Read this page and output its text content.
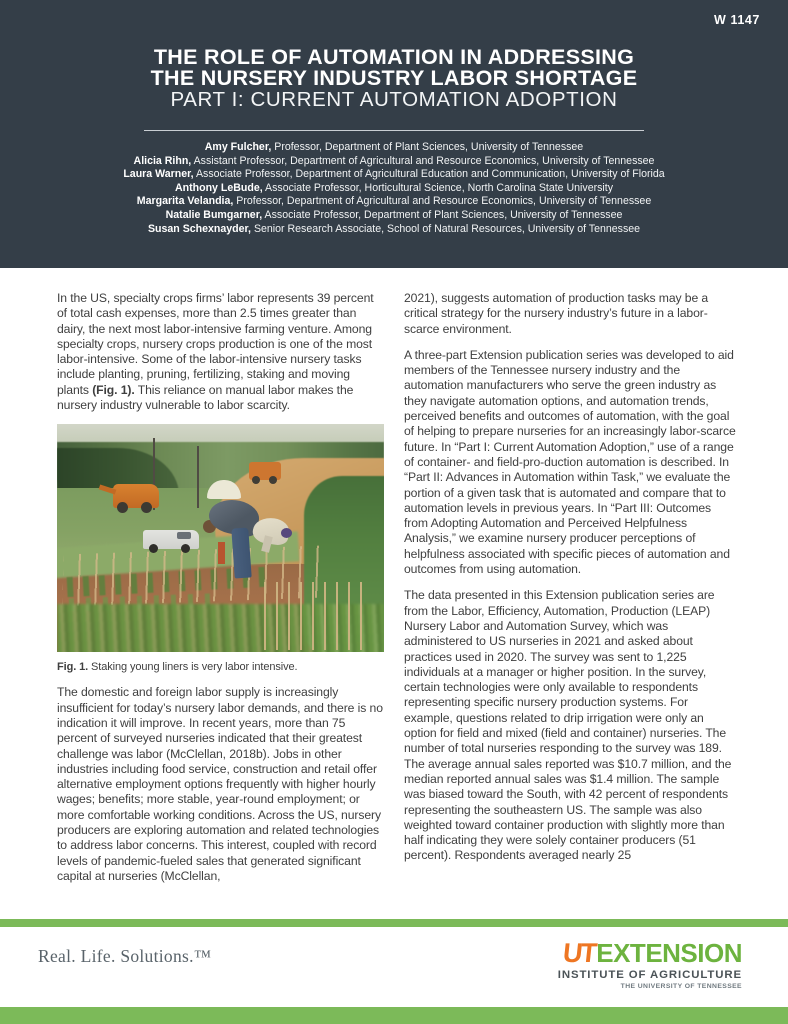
W 1147
THE ROLE OF AUTOMATION IN ADDRESSING
THE NURSERY INDUSTRY LABOR SHORTAGE
PART I: CURRENT AUTOMATION ADOPTION
Amy Fulcher, Professor, Department of Plant Sciences, University of Tennessee
Alicia Rihn, Assistant Professor, Department of Agricultural and Resource Economics, University of Tennessee
Laura Warner, Associate Professor, Department of Agricultural Education and Communication, University of Florida
Anthony LeBude, Associate Professor, Horticultural Science, North Carolina State University
Margarita Velandia, Professor, Department of Agricultural and Resource Economics, University of Tennessee
Natalie Bumgarner, Associate Professor, Department of Plant Sciences, University of Tennessee
Susan Schexnayder, Senior Research Associate, School of Natural Resources, University of Tennessee

In the US, specialty crops firms’ labor represents 39 percent of total cash expenses, more than 2.5 times greater than dairy, the next most labor-intensive farming venture. Among specialty crops, nursery crops production is one of the most labor-intensive. Some of the labor-intensive nursery tasks include planting, pruning, fertilizing, staking and moving plants (Fig. 1). This reliance on manual labor makes the nursery industry vulnerable to labor scarcity.

Fig. 1. Staking young liners is very labor intensive.

The domestic and foreign labor supply is increasingly insufficient for today’s nursery labor demands, and there is no indication it will improve. In recent years, more than 75 percent of surveyed nurseries indicated that their greatest challenge was labor (McClellan, 2018b). Jobs in other industries including food service, construction and retail offer alternative employment options frequently with higher hourly wages; benefits; more stable, year-round employment; or more comfortable working conditions. Across the US, nursery producers are exploring automation and related technologies to address labor concerns. This interest, coupled with record levels of pandemic-fueled sales that generated significant capital at nurseries (McClellan,

2021), suggests automation of production tasks may be a critical strategy for the nursery industry’s future in a labor-scarce environment.

A three-part Extension publication series was developed to aid members of the Tennessee nursery industry and the automation manufacturers who serve the green industry as they navigate automation options, and automation trends, perceived benefits and outcomes of automation, with the goal of helping to prepare nurseries for an increasingly labor-scarce future. In “Part I: Current Automation Adoption,” use of a range of container- and field-pro-duction automation is described. In “Part II: Advances in Automation within Task,” we evaluate the portion of a given task that is automated and compare that to automation levels in previous years. In “Part III: Outcomes from Adopting Automation and Perceived Helpfulness Analysis,” we examine nursery producer perceptions of helpfulness associated with specific pieces of automation and outcomes from using automation.

The data presented in this Extension publication series are from the Labor, Efficiency, Automation, Production (LEAP) Nursery Labor and Automation Survey, which was administered to US nurseries in 2021 and asked about practices used in 2020. The survey was sent to 1,225 individuals at a manager or higher position. In the survey, certain technologies were only available to respondents representing specific nursery production systems. For example, questions related to drip irrigation were only an option for field and mixed (field and container) nurseries. The number of total nurseries responding to the survey was 189. The average annual sales reported was $10.7 million, and the median reported annual sales was $1.4 million. The sample was biased toward the South, with 42 percent of respondents representing the southeastern US. The sample was also weighted toward container production with slightly more than half indicating they were solely container producers (51 percent). Respondents averaged nearly 25

Real. Life. Solutions.™	UTEXTENSION
INSTITUTE OF AGRICULTURE
THE UNIVERSITY OF TENNESSEE
